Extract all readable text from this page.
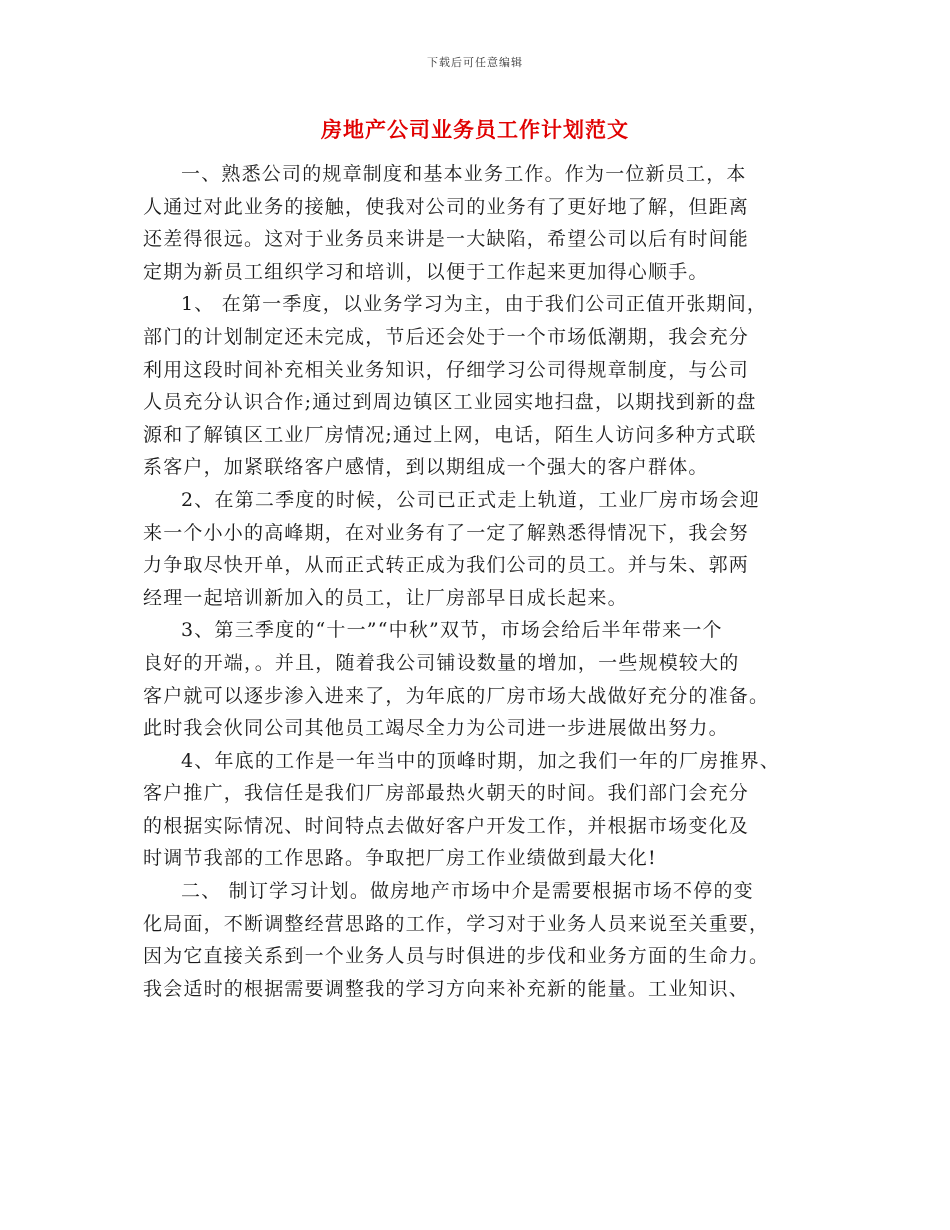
下载后可任意编辑
房地产公司业务员工作计划范文
一、熟悉公司的规章制度和基本业务工作。作为一位新员工，本
人通过对此业务的接触，使我对公司的业务有了更好地了解，但距离
还差得很远。这对于业务员来讲是一大缺陷，希望公司以后有时间能
定期为新员工组织学习和培训，以便于工作起来更加得心顺手。
1、 在第一季度，以业务学习为主，由于我们公司正值开张期间，
部门的计划制定还未完成，节后还会处于一个市场低潮期，我会充分
利用这段时间补充相关业务知识，仔细学习公司得规章制度，与公司
人员充分认识合作;通过到周边镇区工业园实地扫盘，以期找到新的盘
源和了解镇区工业厂房情况;通过上网，电话，陌生人访问多种方式联
系客户，加紧联络客户感情，到以期组成一个强大的客户群体。
2、在第二季度的时候，公司已正式走上轨道，工业厂房市场会迎
来一个小小的高峰期，在对业务有了一定了解熟悉得情况下，我会努
力争取尽快开单，从而正式转正成为我们公司的员工。并与朱、郭两
经理一起培训新加入的员工，让厂房部早日成长起来。
3、第三季度的“十一”“中秋”双节，市场会给后半年带来一个
良好的开端，。并且，随着我公司铺设数量的增加，一些规模较大的
客户就可以逐步渗入进来了，为年底的厂房市场大战做好充分的准备。
此时我会伙同公司其他员工竭尽全力为公司进一步进展做出努力。
4、年底的工作是一年当中的顶峰时期，加之我们一年的厂房推界、
客户推广，我信任是我们厂房部最热火朝天的时间。我们部门会充分
的根据实际情况、时间特点去做好客户开发工作，并根据市场变化及
时调节我部的工作思路。争取把厂房工作业绩做到最大化!
二、 制订学习计划。做房地产市场中介是需要根据市场不停的变
化局面，不断调整经营思路的工作，学习对于业务人员来说至关重要，
因为它直接关系到一个业务人员与时俱进的步伐和业务方面的生命力。
我会适时的根据需要调整我的学习方向来补充新的能量。工业知识、
